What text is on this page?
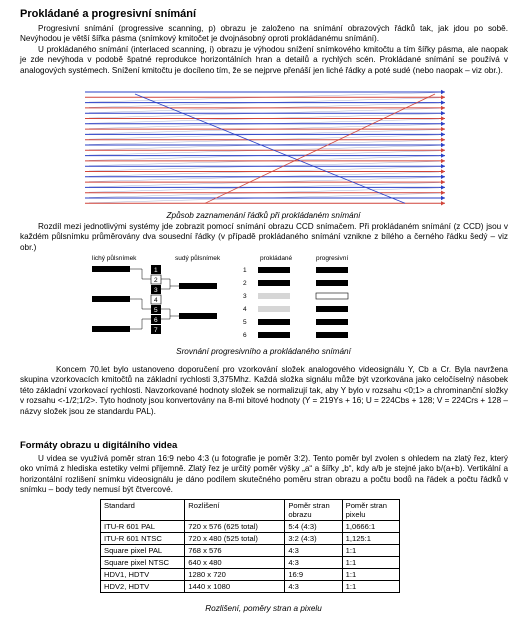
Prokládané a progresivní snímání
Progresivní snímání (progressive scanning, p) obrazu je založeno na snímání obrazových řádků tak, jak jdou po sobě. Nevýhodou je větší šířka pásma (snímkový kmitočet je dvojnásobný oproti prokládanému snímání).
U prokládaného snímání (interlaced scanning, i) obrazu je výhodou snížení snímkového kmitočtu a tím šířky pásma, ale naopak je zde nevýhoda v podobě špatné reprodukce horizontálních hran a detailů a rychlých scén. Prokládané snímání se používá v analogových systémech. Snížení kmitočtu je docíleno tím, že se nejprve přenáší jen liché řádky a poté sudé (nebo naopak – viz obr.).
Způsob zaznamenání řádků při prokládaném snímání
Rozdíl mezi jednotlivými systémy jde zobrazit pomocí snímání obrazu CCD snímačem. Při prokládaném snímání (z CCD) jsou v každém půlsnímku průměrovány dva sousední řádky (v případě prokládaného snímání vznikne z bílého a černého řádku šedý – viz obr.)
lichý půlsnímek	sudý půlsnímek	prokládané	progresivní
1
2
3
4
5
6
7
1
2
3
4
5
6
Srovnání progresivního a prokládaného snímání
Koncem 70.let bylo ustanoveno doporučení pro vzorkování složek analogového videosignálu Y, Cb a Cr. Byla navržena skupina vzorkovacích kmitočtů na základní rychlosti 3,375Mhz. Každá složka signálu může být vzorkována jako celočíselný násobek této základní vzorkovací rychlosti. Navzorkované hodnoty složek se normalizují tak, aby Y bylo v rozsahu <0;1> a chrominanční složky v rozsahu <-1/2;1/2>. Tyto hodnoty jsou konvertovány na 8-mi bitové hodnoty (Y = 219Ys + 16; U = 224Cbs + 128; V = 224Crs + 128 – názvy složek jsou ze standardu PAL).
Formáty obrazu u digitálního videa
U videa se využívá poměr stran 16:9 nebo 4:3 (u fotografie je poměr 3:2). Tento poměr byl zvolen s ohledem na zlatý řez, který oko vnímá z hlediska estetiky velmi příjemně. Zlatý řez je určitý poměr výšky „a“ a šířky „b“, kdy a/b je stejné jako b/(a+b). Vertikální a horizontální rozlišení snímku videosignálu je dáno podílem skutečného poměru stran obrazu a počtu bodů na řádek a počtu řádků v snímku – body tedy nemusí být čtvercové.
Standard	Rozlišení	Poměr stran obrazu	Poměr stran pixelu
ITU-R 601 PAL	720 x 576 (625 total)	5:4 (4:3)	1,0666:1
ITU-R 601 NTSC	720 x 480 (525 total)	3:2 (4:3)	1,125:1
Square pixel PAL	768 x 576	4:3	1:1
Square pixel NTSC	640 x 480	4:3	1:1
HDV1, HDTV	1280 x 720	16:9	1:1
HDV2, HDTV	1440 x 1080	4:3	1:1
Rozlišení, poměry stran a pixelu
